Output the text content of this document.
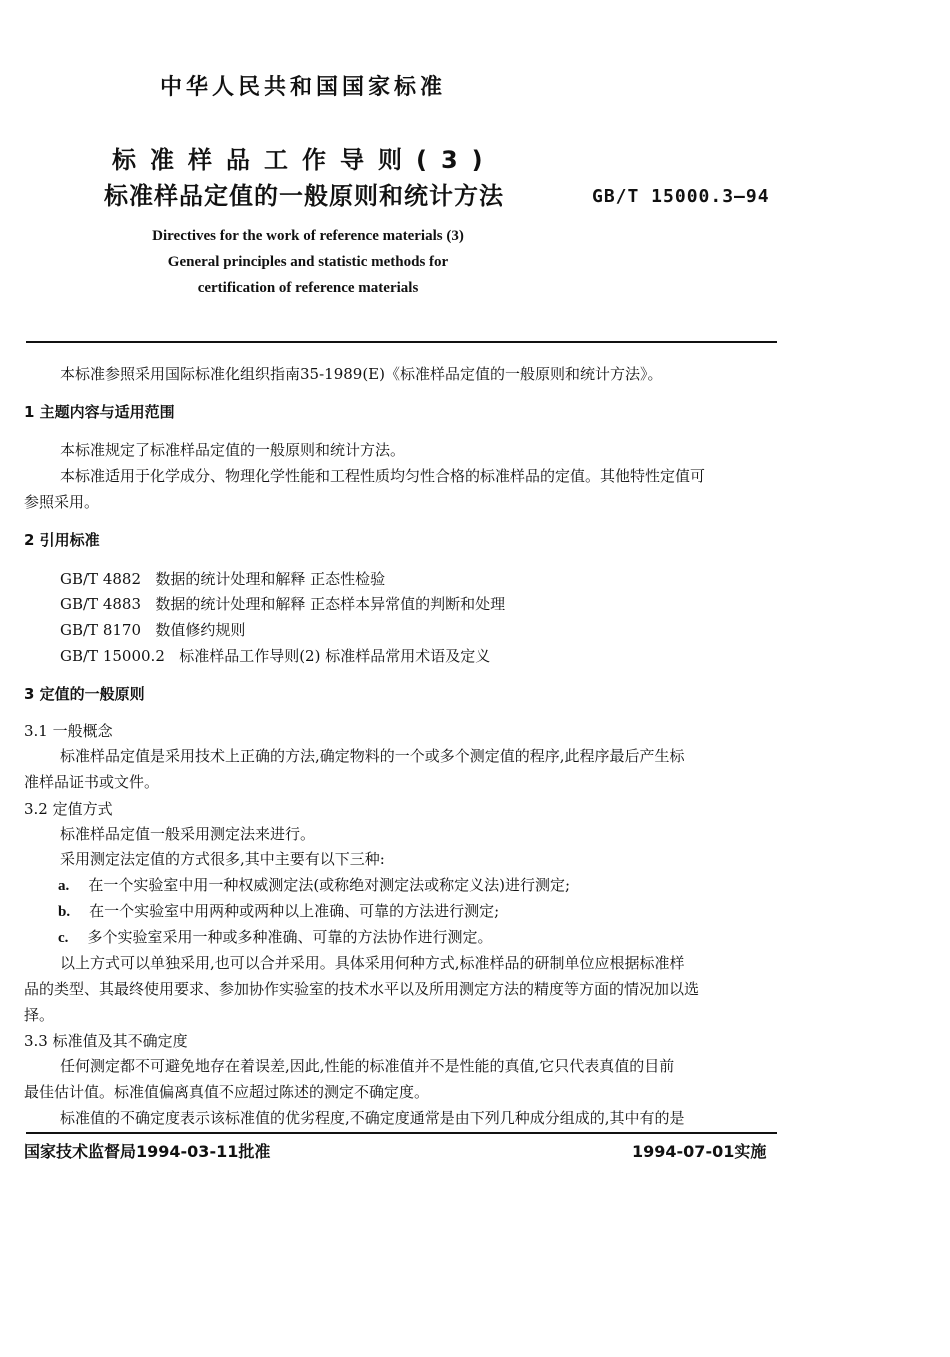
中华人民共和国国家标准
标准样品工作导则(3)
标准样品定值的一般原则和统计方法	GB/T 15000.3—94
Directives for the work of reference materials (3)
General principles and statistic methods for
certification of reference materials
本标准参照采用国际标准化组织指南35-1989(E)《标准样品定值的一般原则和统计方法》。
1 主题内容与适用范围
本标准规定了标准样品定值的一般原则和统计方法。
本标准适用于化学成分、物理化学性能和工程性质均匀性合格的标准样品的定值。其他特性定值可
参照采用。
2 引用标准
GB/T 4882 数据的统计处理和解释 正态性检验
GB/T 4883 数据的统计处理和解释 正态样本异常值的判断和处理
GB/T 8170 数值修约规则
GB/T 15000.2 标准样品工作导则(2) 标准样品常用术语及定义
3 定值的一般原则
3.1 一般概念
标准样品定值是采用技术上正确的方法,确定物料的一个或多个测定值的程序,此程序最后产生标
准样品证书或文件。
3.2 定值方式
标准样品定值一般采用测定法来进行。
采用测定法定值的方式很多,其中主要有以下三种:
a. 在一个实验室中用一种权威测定法(或称绝对测定法或称定义法)进行测定;
b. 在一个实验室中用两种或两种以上准确、可靠的方法进行测定;
c. 多个实验室采用一种或多种准确、可靠的方法协作进行测定。
以上方式可以单独采用,也可以合并采用。具体采用何种方式,标准样品的研制单位应根据标准样
品的类型、其最终使用要求、参加协作实验室的技术水平以及所用测定方法的精度等方面的情况加以选
择。
3.3 标准值及其不确定度
任何测定都不可避免地存在着误差,因此,性能的标准值并不是性能的真值,它只代表真值的目前
最佳估计值。标准值偏离真值不应超过陈述的测定不确定度。
标准值的不确定度表示该标准值的优劣程度,不确定度通常是由下列几种成分组成的,其中有的是
国家技术监督局1994-03-11批准	1994-07-01实施
